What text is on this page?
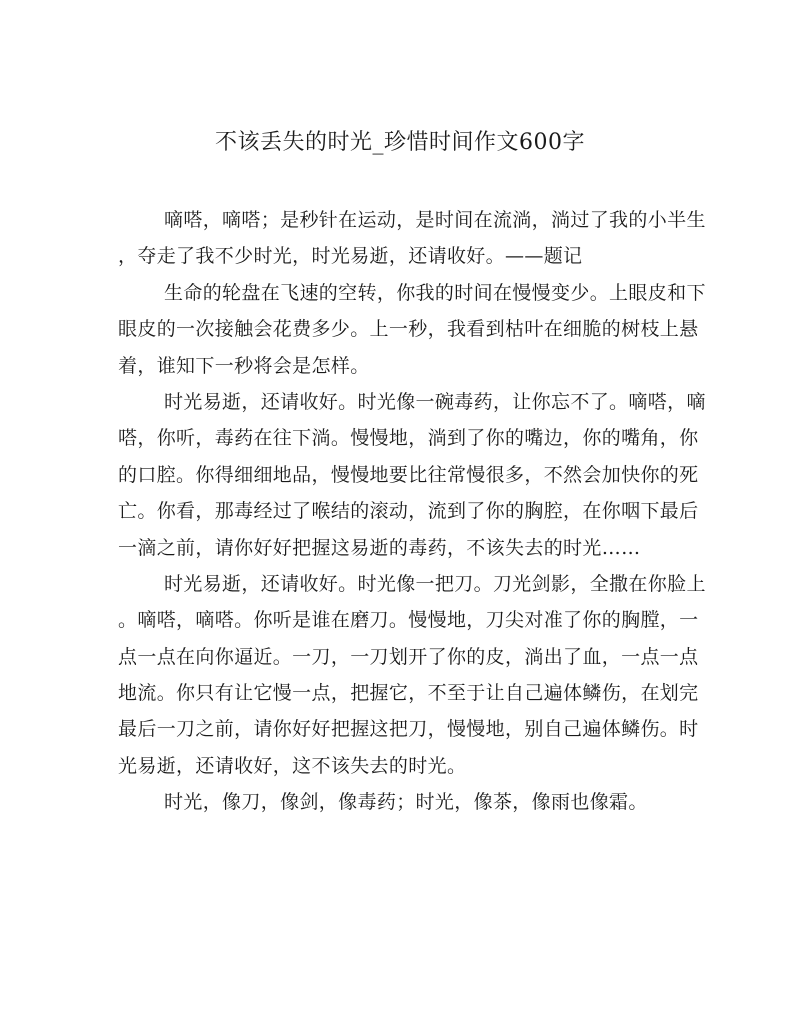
不该丢失的时光_珍惜时间作文600字
嘀嗒，嘀嗒；是秒针在运动，是时间在流淌，淌过了我的小半生
，夺走了我不少时光，时光易逝，还请收好。——题记
生命的轮盘在飞速的空转，你我的时间在慢慢变少。上眼皮和下
眼皮的一次接触会花费多少。上一秒，我看到枯叶在细脆的树枝上悬
着，谁知下一秒将会是怎样。
时光易逝，还请收好。时光像一碗毒药，让你忘不了。嘀嗒，嘀
嗒，你听，毒药在往下淌。慢慢地，淌到了你的嘴边，你的嘴角，你
的口腔。你得细细地品，慢慢地要比往常慢很多，不然会加快你的死
亡。你看，那毒经过了喉结的滚动，流到了你的胸腔，在你咽下最后
一滴之前，请你好好把握这易逝的毒药，不该失去的时光……
时光易逝，还请收好。时光像一把刀。刀光剑影，全撒在你脸上
。嘀嗒，嘀嗒。你听是谁在磨刀。慢慢地，刀尖对准了你的胸膛，一
点一点在向你逼近。一刀，一刀划开了你的皮，淌出了血，一点一点
地流。你只有让它慢一点，把握它，不至于让自己遍体鳞伤，在划完
最后一刀之前，请你好好把握这把刀，慢慢地，别自己遍体鳞伤。时
光易逝，还请收好，这不该失去的时光。
时光，像刀，像剑，像毒药；时光，像茶，像雨也像霜。
